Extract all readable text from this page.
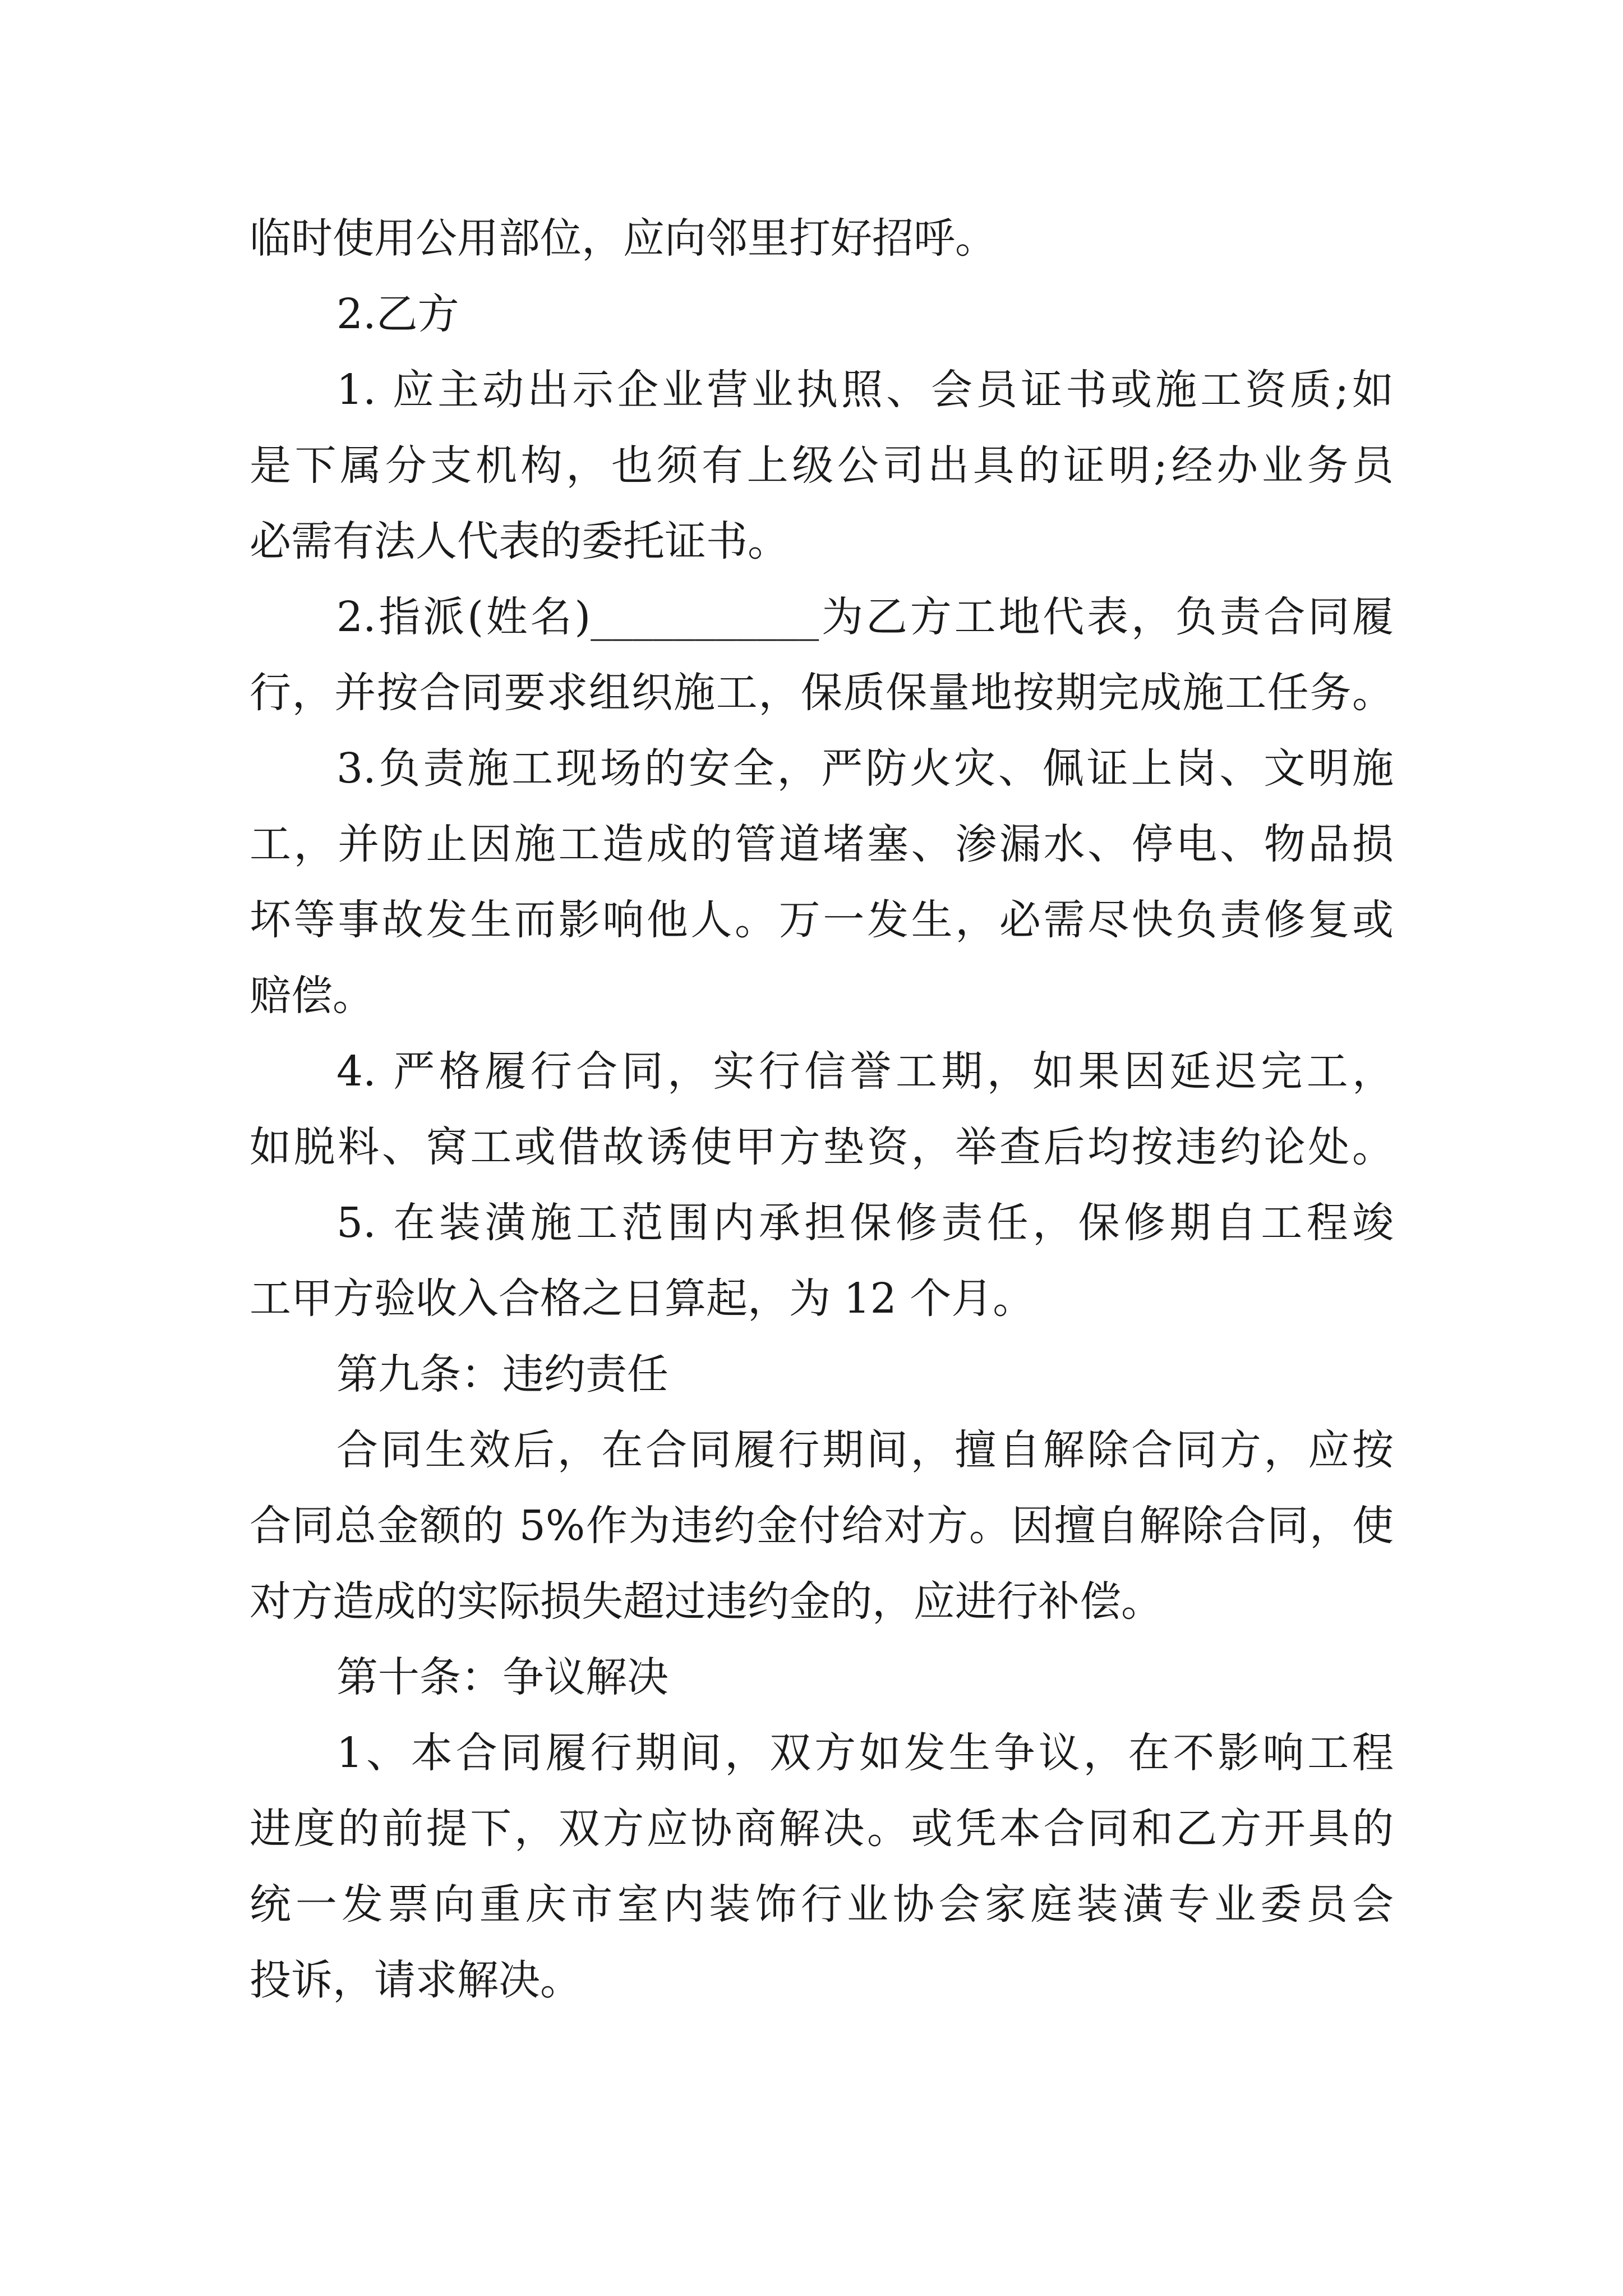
临时使用公用部位，应向邻里打好招呼。
2.乙方
1. 应主动出示企业营业执照、会员证书或施工资质;如
是下属分支机构，也须有上级公司出具的证明;经办业务员
必需有法人代表的委托证书。
2.指派(姓名)___________为乙方工地代表，负责合同履
行，并按合同要求组织施工，保质保量地按期完成施工任务。
3.负责施工现场的安全，严防火灾、佩证上岗、文明施
工，并防止因施工造成的管道堵塞、渗漏水、停电、物品损
坏等事故发生而影响他人。万一发生，必需尽快负责修复或
赔偿。
4. 严格履行合同，实行信誉工期，如果因延迟完工，
如脱料、窝工或借故诱使甲方垫资，举查后均按违约论处。
5. 在装潢施工范围内承担保修责任，保修期自工程竣
工甲方验收入合格之日算起，为 12 个月。
第九条：违约责任
合同生效后，在合同履行期间，擅自解除合同方，应按
合同总金额的 5%作为违约金付给对方。因擅自解除合同，使
对方造成的实际损失超过违约金的，应进行补偿。
第十条：争议解决
1、本合同履行期间，双方如发生争议，在不影响工程
进度的前提下，双方应协商解决。或凭本合同和乙方开具的
统一发票向重庆市室内装饰行业协会家庭装潢专业委员会
投诉，请求解决。
